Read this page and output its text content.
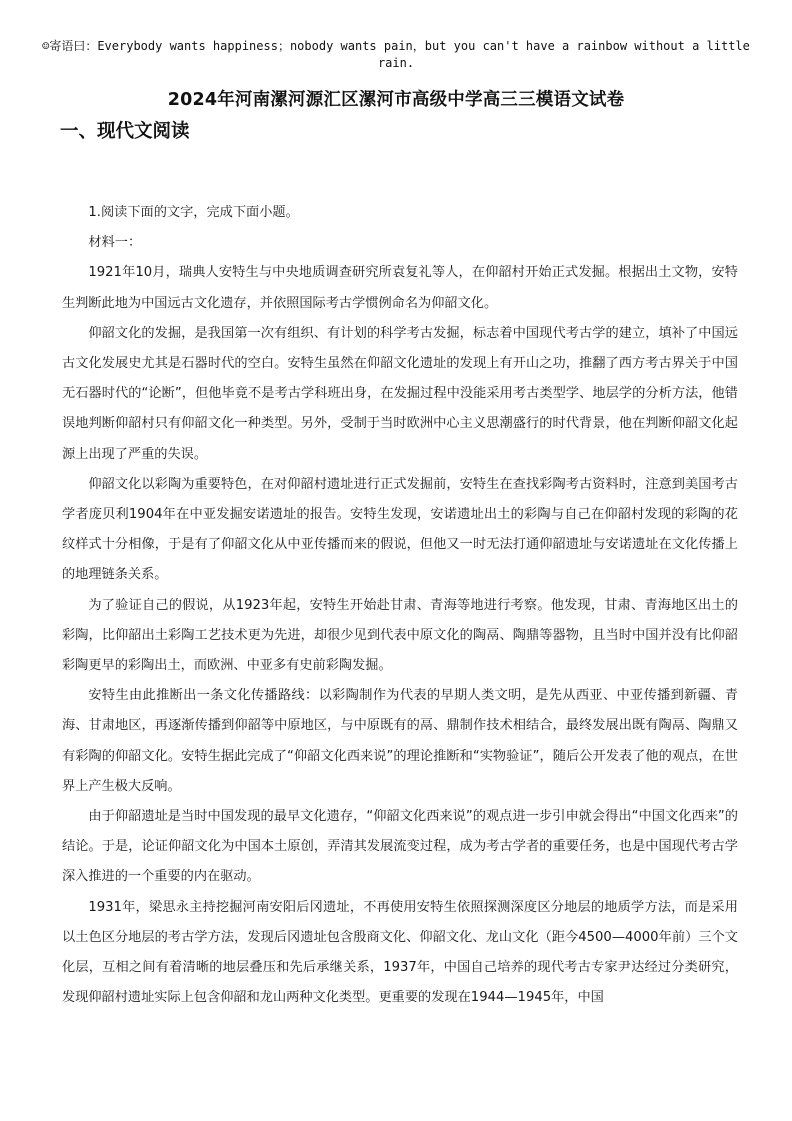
☺寄语曰：Everybody wants happiness；nobody wants pain，but you can't have a rainbow without a little rain.
2024年河南漯河源汇区漯河市高级中学高三三模语文试卷
一、现代文阅读

1.阅读下面的文字，完成下面小题。

材料一：

1921年10月，瑞典人安特生与中央地质调查研究所袁复礼等人，在仰韶村开始正式发掘。根据出土文物，安特生判断此地为中国远古文化遗存，并依照国际考古学惯例命名为仰韶文化。

仰韶文化的发掘，是我国第一次有组织、有计划的科学考古发掘，标志着中国现代考古学的建立，填补了中国远古文化发展史尤其是石器时代的空白。安特生虽然在仰韶文化遗址的发现上有开山之功，推翻了西方考古界关于中国无石器时代的“论断”，但他毕竟不是考古学科班出身，在发掘过程中没能采用考古类型学、地层学的分析方法，他错误地判断仰韶村只有仰韶文化一种类型。另外，受制于当时欧洲中心主义思潮盛行的时代背景，他在判断仰韶文化起源上出现了严重的失误。

仰韶文化以彩陶为重要特色，在对仰韶村遗址进行正式发掘前，安特生在查找彩陶考古资料时，注意到美国考古学者庞贝利1904年在中亚发掘安诺遗址的报告。安特生发现，安诺遗址出土的彩陶与自己在仰韶村发现的彩陶的花纹样式十分相像，于是有了仰韶文化从中亚传播而来的假说，但他又一时无法打通仰韶遗址与安诺遗址在文化传播上的地理链条关系。

为了验证自己的假说，从1923年起，安特生开始赴甘肃、青海等地进行考察。他发现，甘肃、青海地区出土的彩陶，比仰韶出土彩陶工艺技术更为先进，却很少见到代表中原文化的陶鬲、陶鼎等器物，且当时中国并没有比仰韶彩陶更早的彩陶出土，而欧洲、中亚多有史前彩陶发掘。

安特生由此推断出一条文化传播路线：以彩陶制作为代表的早期人类文明，是先从西亚、中亚传播到新疆、青海、甘肃地区，再逐渐传播到仰韶等中原地区，与中原既有的鬲、鼎制作技术相结合，最终发展出既有陶鬲、陶鼎又有彩陶的仰韶文化。安特生据此完成了“仰韶文化西来说”的理论推断和“实物验证”，随后公开发表了他的观点，在世界上产生极大反响。

由于仰韶遗址是当时中国发现的最早文化遗存，“仰韶文化西来说”的观点进一步引申就会得出“中国文化西来”的结论。于是，论证仰韶文化为中国本土原创，弄清其发展流变过程，成为考古学者的重要任务，也是中国现代考古学深入推进的一个重要的内在驱动。

1931年，梁思永主持挖掘河南安阳后冈遗址，不再使用安特生依照探测深度区分地层的地质学方法，而是采用以土色区分地层的考古学方法，发现后冈遗址包含殷商文化、仰韶文化、龙山文化（距今4500—4000年前）三个文化层，互相之间有着清晰的地层叠压和先后承继关系，1937年，中国自己培养的现代考古专家尹达经过分类研究，发现仰韶村遗址实际上包含仰韶和龙山两种文化类型。更重要的发现在1944—1945年，中国
